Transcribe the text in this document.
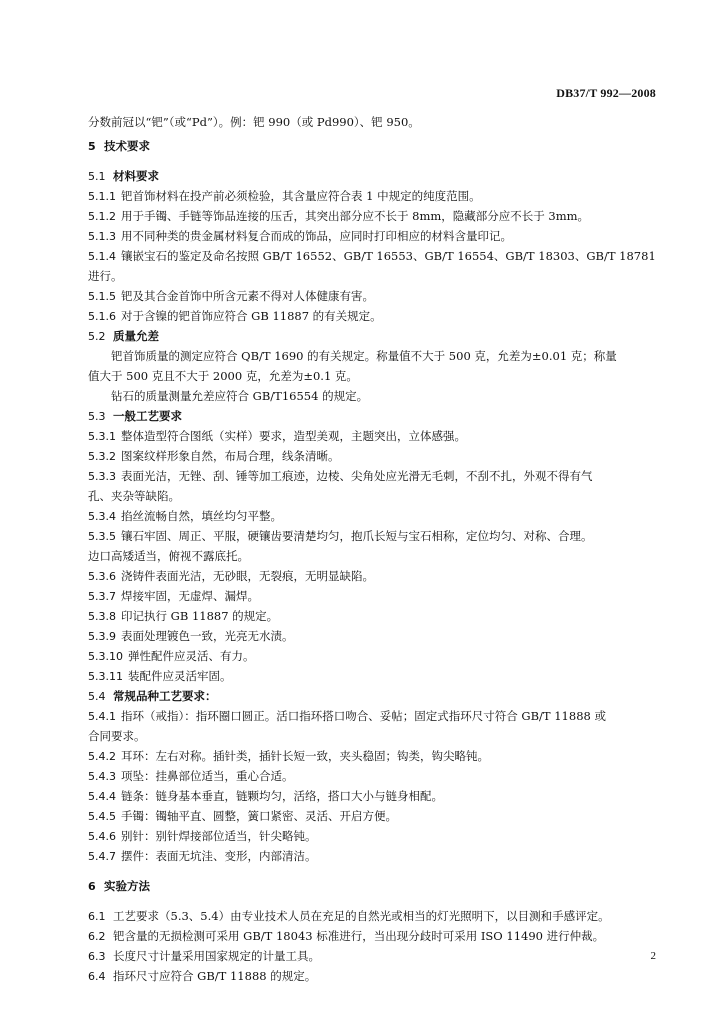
DB37/T 992—2008
分数前冠以“钯”（或“Pd”）。例：钯 990（或 Pd990）、钯 950。
5 技术要求
5.1 材料要求
5.1.1 钯首饰材料在投产前必须检验，其含量应符合表 1 中规定的纯度范围。
5.1.2 用于手镯、手链等饰品连接的压舌，其突出部分应不长于 8mm，隐藏部分应不长于 3mm。
5.1.3 用不同种类的贵金属材料复合而成的饰品，应同时打印相应的材料含量印记。
5.1.4 镶嵌宝石的鉴定及命名按照 GB/T 16552、GB/T 16553、GB/T 16554、GB/T 18303、GB/T 18781
进行。
5.1.5 钯及其合金首饰中所含元素不得对人体健康有害。
5.1.6 对于含镍的钯首饰应符合 GB 11887 的有关规定。
5.2 质量允差
钯首饰质量的测定应符合 QB/T 1690 的有关规定。称量值不大于 500 克，允差为±0.01 克；称量
值大于 500 克且不大于 2000 克，允差为±0.1 克。
钻石的质量测量允差应符合 GB/T16554 的规定。
5.3 一般工艺要求
5.3.1 整体造型符合图纸（实样）要求，造型美观，主题突出，立体感强。
5.3.2 图案纹样形象自然，布局合理，线条清晰。
5.3.3 表面光洁，无锉、刮、锤等加工痕迹，边棱、尖角处应光滑无毛刺，不刮不扎，外观不得有气
孔、夹杂等缺陷。
5.3.4 掐丝流畅自然，填丝均匀平整。
5.3.5 镶石牢固、周正、平服，硬镶齿要清楚均匀，抱爪长短与宝石相称，定位均匀、对称、合理。
边口高矮适当，俯视不露底托。
5.3.6 浇铸件表面光洁，无砂眼，无裂痕，无明显缺陷。
5.3.7 焊接牢固，无虚焊、漏焊。
5.3.8 印记执行 GB 11887 的规定。
5.3.9 表面处理镀色一致，光亮无水渍。
5.3.10 弹性配件应灵活、有力。
5.3.11 装配件应灵活牢固。
5.4 常规品种工艺要求：
5.4.1 指环（戒指）：指环圈口圆正。活口指环搭口吻合、妥帖；固定式指环尺寸符合 GB/T 11888 或
合同要求。
5.4.2 耳环：左右对称。插针类，插针长短一致，夹头稳固；钩类，钩尖略钝。
5.4.3 项坠：挂鼻部位适当，重心合适。
5.4.4 链条：链身基本垂直，链颗均匀，活络，搭口大小与链身相配。
5.4.5 手镯：镯轴平直、圆整，簧口紧密、灵活、开启方便。
5.4.6 别针：别针焊接部位适当，针尖略钝。
5.4.7 摆件：表面无坑洼、变形，内部清洁。
6 实验方法
6.1 工艺要求（5.3、5.4）由专业技术人员在充足的自然光或相当的灯光照明下，以目测和手感评定。
6.2 钯含量的无损检测可采用 GB/T 18043 标准进行，当出现分歧时可采用 ISO 11490 进行仲裁。
6.3 长度尺寸计量采用国家规定的计量工具。
6.4 指环尺寸应符合 GB/T 11888 的规定。
2
